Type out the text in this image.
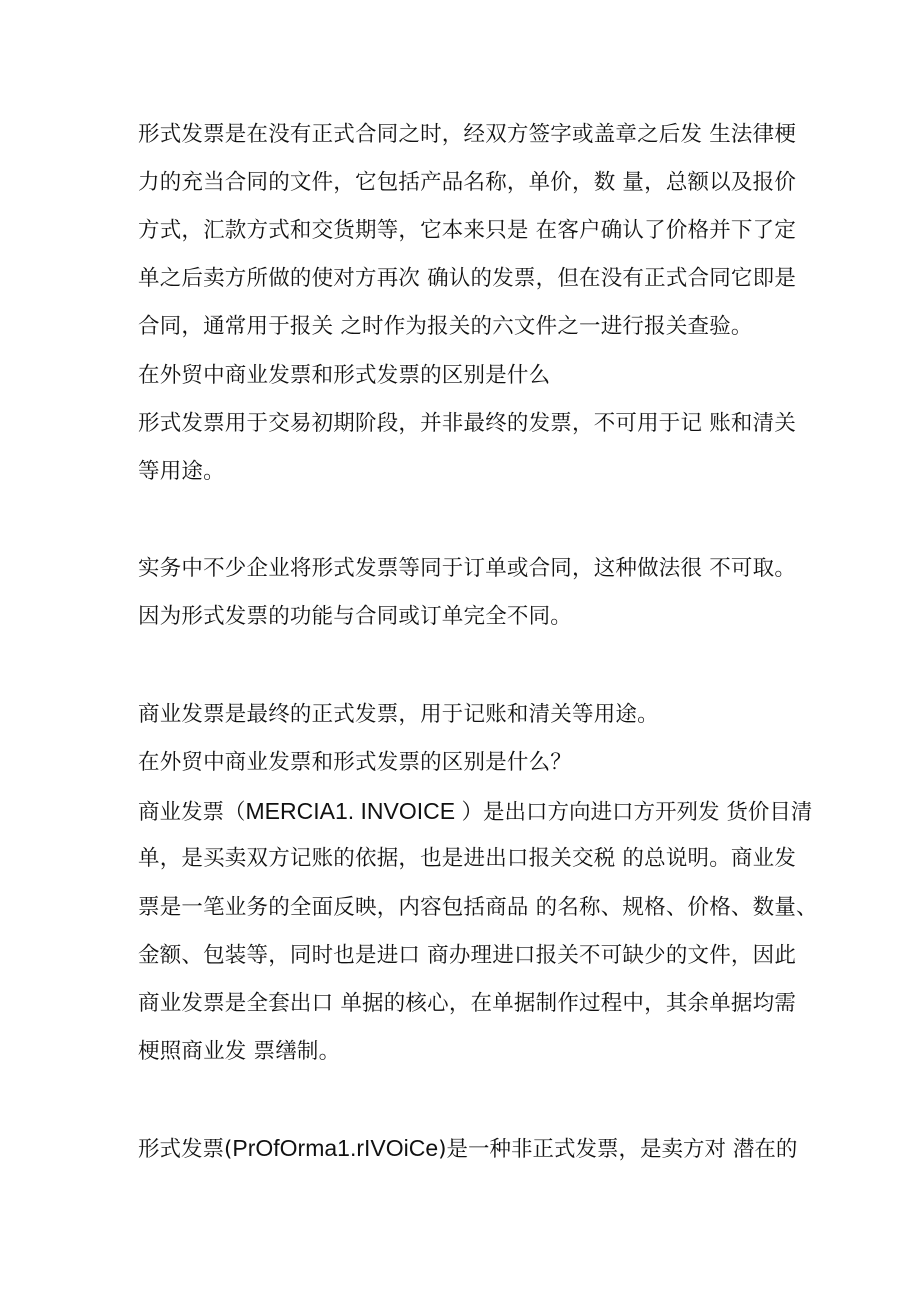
形式发票是在没有正式合同之时，经双方签字或盖章之后发 生法律梗
力的充当合同的文件，它包括产品名称，单价，数 量，总额以及报价
方式，汇款方式和交货期等，它本来只是 在客户确认了价格并下了定
单之后卖方所做的使对方再次 确认的发票，但在没有正式合同它即是
合同，通常用于报关 之时作为报关的六文件之一进行报关查验。
在外贸中商业发票和形式发票的区别是什么
形式发票用于交易初期阶段，并非最终的发票，不可用于记 账和清关
等用途。
实务中不少企业将形式发票等同于订单或合同，这种做法很 不可取。
因为形式发票的功能与合同或订单完全不同。
商业发票是最终的正式发票，用于记账和清关等用途。
在外贸中商业发票和形式发票的区别是什么？
商业发票（MERCIA1. INVOICE ）是出口方向进口方开列发 货价目清
单，是买卖双方记账的依据，也是进出口报关交税 的总说明。商业发
票是一笔业务的全面反映，内容包括商品 的名称、规格、价格、数量、
金额、包装等，同时也是进口 商办理进口报关不可缺少的文件，因此
商业发票是全套出口 单据的核心，在单据制作过程中，其余单据均需
梗照商业发 票缮制。
形式发票(PrOfOrma1.rIVOiCe)是一种非正式发票，是卖方对 潜在的
